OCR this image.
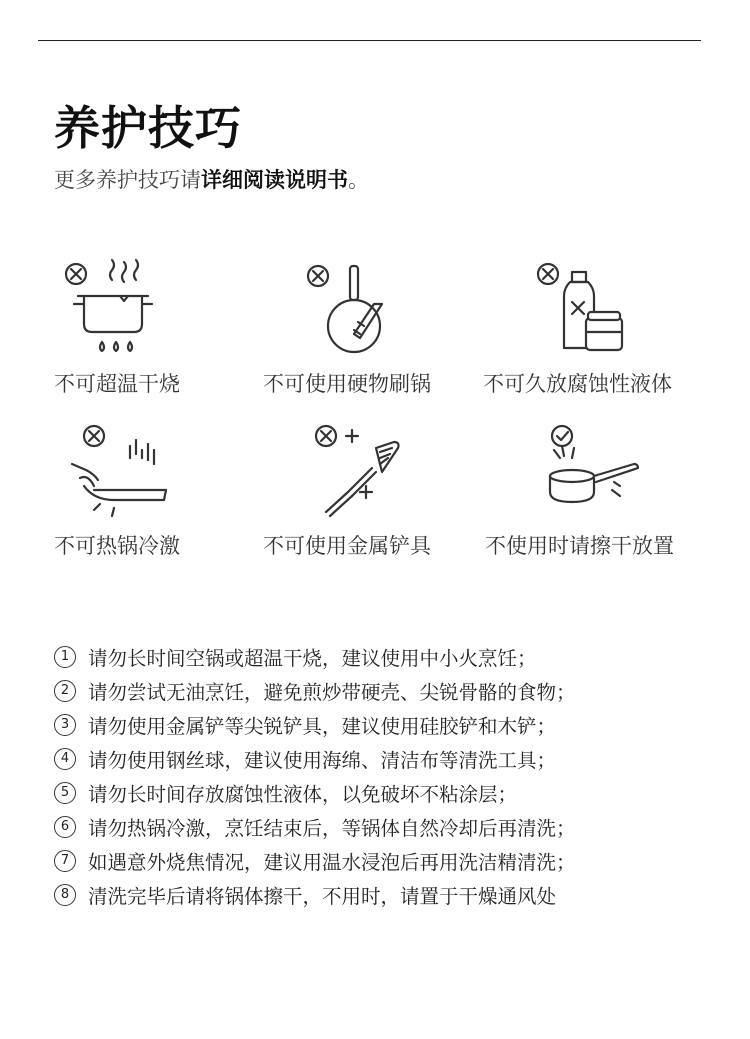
养护技巧
更多养护技巧请详细阅读说明书。
不可超温干烧	不可使用硬物刷锅 不可久放腐蚀性液体
不可热锅冷激	不可使用金属铲具	不使用时请擦干放置
1 请勿长时间空锅或超温干烧，建议使用中小火烹饪；
2 请勿尝试无油烹饪，避免煎炒带硬壳、尖锐骨骼的食物；
3 请勿使用金属铲等尖锐铲具，建议使用硅胶铲和木铲；
4 请勿使用钢丝球，建议使用海绵、清洁布等清洗工具；
5 请勿长时间存放腐蚀性液体，以免破坏不粘涂层；
6 请勿热锅冷激，烹饪结束后，等锅体自然冷却后再清洗；
7 如遇意外烧焦情况，建议用温水浸泡后再用洗洁精清洗；
8 清洗完毕后请将锅体擦干，不用时，请置于干燥通风处
